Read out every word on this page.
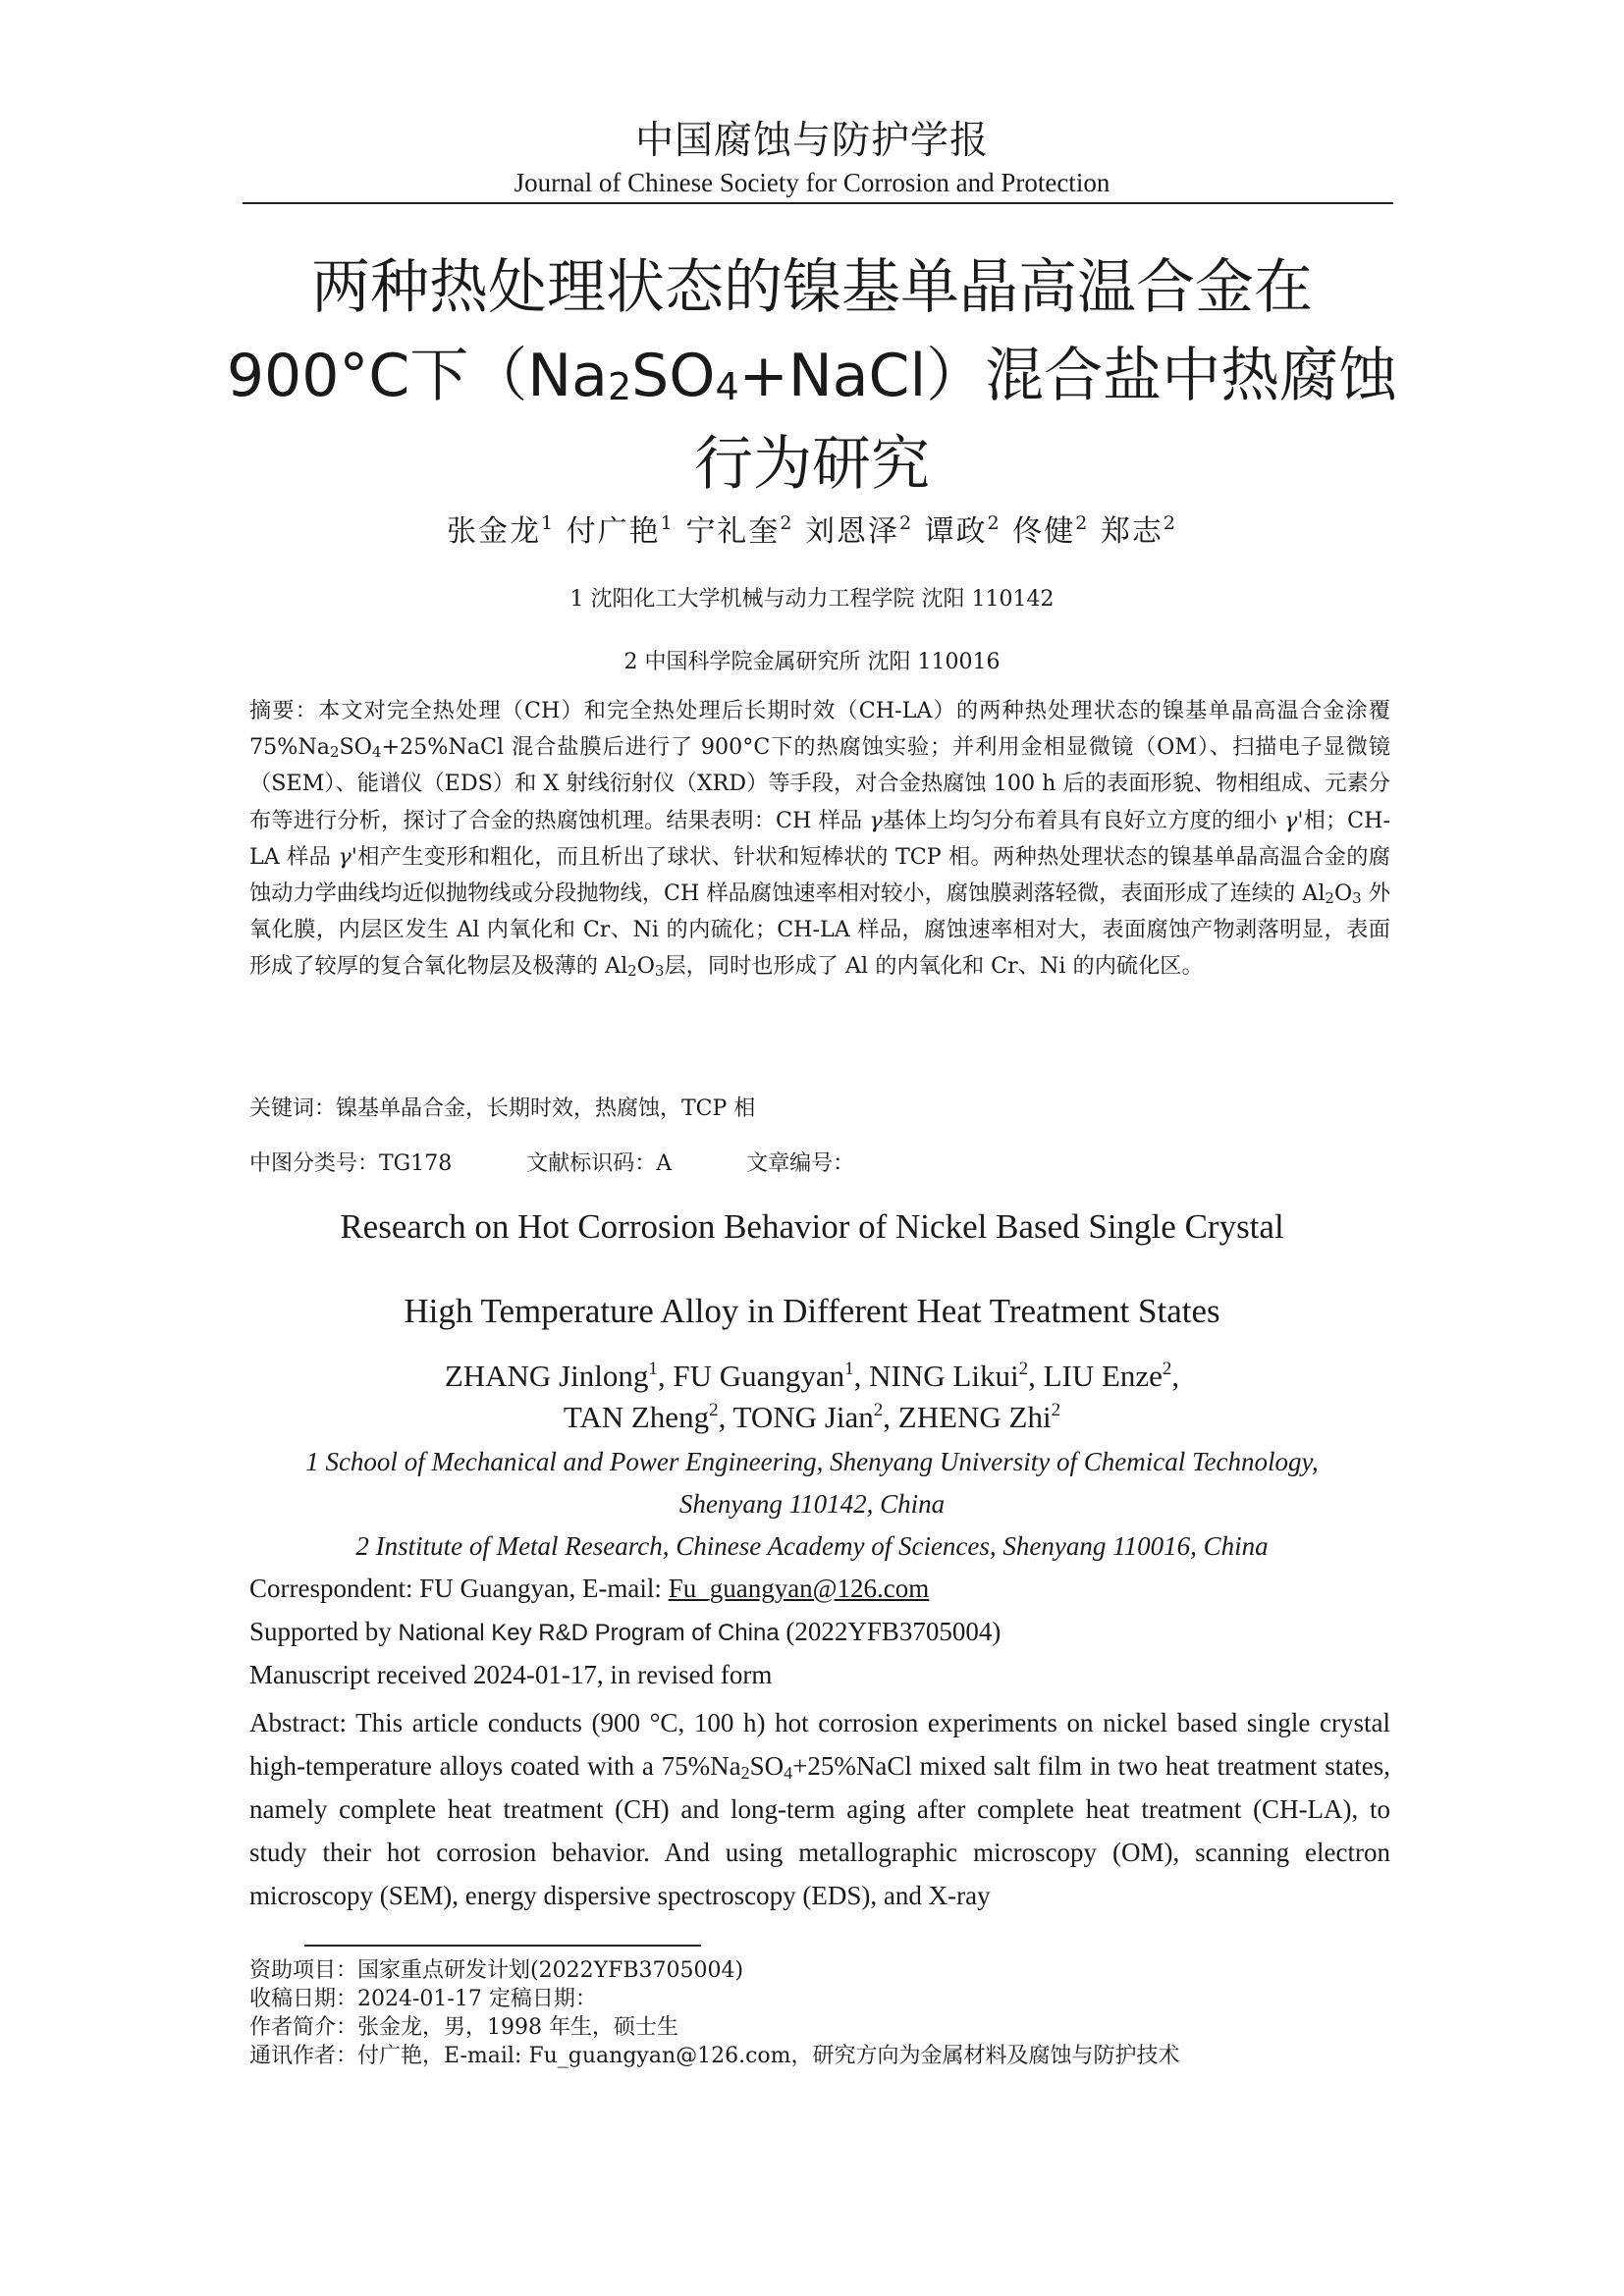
中国腐蚀与防护学报
Journal of Chinese Society for Corrosion and Protection
两种热处理状态的镍基单晶高温合金在
900°C下$(Na_2SO_4+NaCl)$混合盐中热腐蚀
行为研究
张金龙$^1$ 付广艳$^1$ 宁礼奎$^2$ 刘恩泽$^2$ 谭政$^2$ 佟健$^2$ 郑志$^2$
1 沈阳化工大学机械与动力工程学院 沈阳 110142
2 中国科学院金属研究所 沈阳 110016
摘要：本文对完全热处理（CH）和完全热处理后长期时效（CH-LA）的两种热处理状态的镍基单晶高温合金涂覆 $75\%Na_2SO_4+25\%NaCl$ 混合盐膜后进行了 900°C下的热腐蚀实验；并利用金相显微镜（OM）、扫描电子显微镜（SEM）、能谱仪（EDS）和 X 射线衍射仪（XRD）等手段，对合金热腐蚀 100 h 后的表面形貌、物相组成、元素分布等进行分析，探讨了合金的热腐蚀机理。结果表明：CH 样品 γ基体上均匀分布着具有良好立方度的细小 γ'相；CH-LA 样品 γ'相产生变形和粗化，而且析出了球状、针状和短棒状的 TCP 相。两种热处理状态的镍基单晶高温合金的腐蚀动力学曲线均近似抛物线或分段抛物线，CH 样品腐蚀速率相对较小，腐蚀膜剥落轻微，表面形成了连续的 $Al_2O_3$ 外氧化膜，内层区发生 Al 内氧化和 Cr、Ni 的内硫化；CH-LA 样品，腐蚀速率相对大，表面腐蚀产物剥落明显，表面形成了较厚的复合氧化物层及极薄的 $Al_2O_3$层，同时也形成了 Al 的内氧化和 Cr、Ni 的内硫化区。
关键词：镍基单晶合金，长期时效，热腐蚀，TCP 相
中图分类号：TG178	文献标识码：A	文章编号：
Research on Hot Corrosion Behavior of Nickel Based Single Crystal
High Temperature Alloy in Different Heat Treatment States
ZHANG Jinlong$^1$, FU Guangyan$^1$, NING Likui$^2$, LIU Enze$^2$,
TAN Zheng$^2$, TONG Jian$^2$, ZHENG Zhi$^2$
1 School of Mechanical and Power Engineering, Shenyang University of Chemical Technology,
Shenyang 110142, China
2 Institute of Metal Research, Chinese Academy of Sciences, Shenyang 110016, China
Correspondent: FU Guangyan, E-mail: Fu_guangyan@126.com
Supported by National Key R&D Program of China (2022YFB3705004)
Manuscript received 2024-01-17, in revised form
Abstract: This article conducts (900 °C, 100 h) hot corrosion experiments on nickel based single crystal high-temperature alloys coated with a $75\%Na_2SO_4+25\%NaCl$ mixed salt film in two heat treatment states, namely complete heat treatment (CH) and long-term aging after complete heat treatment (CH-LA), to study their hot corrosion behavior. And using metallographic microscopy (OM), scanning electron microscopy (SEM), energy dispersive spectroscopy (EDS), and X-ray
资助项目：国家重点研发计划(2022YFB3705004)
收稿日期：2024-01-17 定稿日期：
作者简介：张金龙，男，1998 年生，硕士生
通讯作者：付广艳，E-mail: Fu_guangyan@126.com，研究方向为金属材料及腐蚀与防护技术
